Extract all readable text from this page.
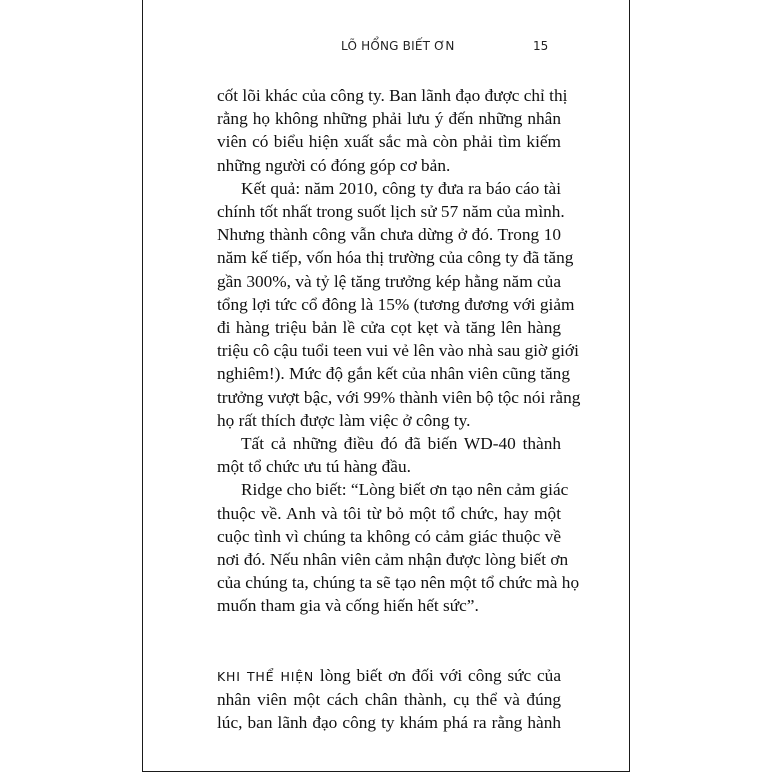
LÕ HỔNG BIẾT ƠN	15

cốt lõi khác của công ty. Ban lãnh đạo được chỉ thị
rằng họ không những phải lưu ý đến những nhân
viên có biểu hiện xuất sắc mà còn phải tìm kiếm
những người có đóng góp cơ bản.

Kết quả: năm 2010, công ty đưa ra báo cáo tài
chính tốt nhất trong suốt lịch sử 57 năm của mình.
Nhưng thành công vẫn chưa dừng ở đó. Trong 10
năm kế tiếp, vốn hóa thị trường của công ty đã tăng
gần 300%, và tỷ lệ tăng trưởng kép hằng năm của
tổng lợi tức cổ đông là 15% (tương đương với giảm
đi hàng triệu bản lề cửa cọt kẹt và tăng lên hàng
triệu cô cậu tuổi teen vui vẻ lên vào nhà sau giờ giới
nghiêm!). Mức độ gắn kết của nhân viên cũng tăng
trưởng vượt bậc, với 99% thành viên bộ tộc nói rằng
họ rất thích được làm việc ở công ty.

Tất cả những điều đó đã biến WD-40 thành
một tổ chức ưu tú hàng đầu.

Ridge cho biết: “Lòng biết ơn tạo nên cảm giác
thuộc về. Anh và tôi từ bỏ một tổ chức, hay một
cuộc tình vì chúng ta không có cảm giác thuộc về
nơi đó. Nếu nhân viên cảm nhận được lòng biết ơn
của chúng ta, chúng ta sẽ tạo nên một tổ chức mà họ
muốn tham gia và cống hiến hết sức”.

KHI THỂ HIỆN lòng biết ơn đối với công sức của
nhân viên một cách chân thành, cụ thể và đúng
lúc, ban lãnh đạo công ty khám phá ra rằng hành
